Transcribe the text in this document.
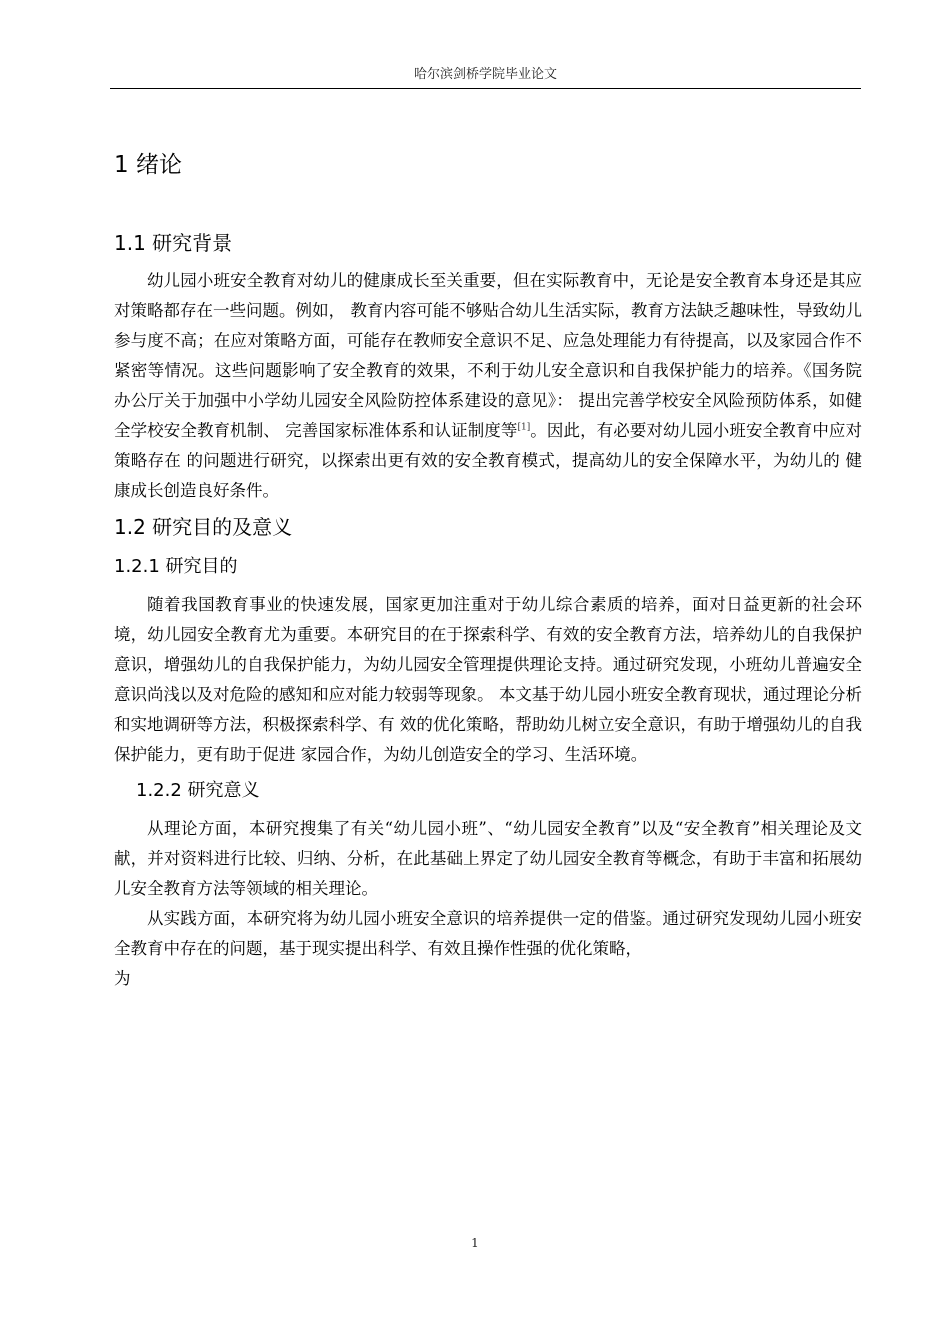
哈尔滨剑桥学院毕业论文
1 绪论
1.1 研究背景

幼儿园小班安全教育对幼儿的健康成长至关重要，但在实际教育中，无论是安全教育本身还是其应对策略都存在一些问题。例如， 教育内容可能不够贴合幼儿生活实际，教育方法缺乏趣味性，导致幼儿参与度不高；在应对策略方面，可能存在教师安全意识不足、应急处理能力有待提高，以及家园合作不紧密等情况。这些问题影响了安全教育的效果，不利于幼儿安全意识和自我保护能力的培养。《国务院办公厅关于加强中小学幼儿园安全风险防控体系建设的意见》： 提出完善学校安全风险预防体系，如健全学校安全教育机制、 完善国家标准体系和认证制度等[1]。因此，有必要对幼儿园小班安全教育中应对策略存在 的问题进行研究，以探索出更有效的安全教育模式，提高幼儿的安全保障水平，为幼儿的 健康成长创造良好条件。

1.2 研究目的及意义
1.2.1 研究目的

随着我国教育事业的快速发展，国家更加注重对于幼儿综合素质的培养，面对日益更新的社会环境，幼儿园安全教育尤为重要。本研究目的在于探索科学、有效的安全教育方法，培养幼儿的自我保护意识，增强幼儿的自我保护能力，为幼儿园安全管理提供理论支持。通过研究发现，小班幼儿普遍安全意识尚浅以及对危险的感知和应对能力较弱等现象。 本文基于幼儿园小班安全教育现状，通过理论分析和实地调研等方法，积极探索科学、有 效的优化策略，帮助幼儿树立安全意识，有助于增强幼儿的自我保护能力，更有助于促进 家园合作，为幼儿创造安全的学习、生活环境。

1.2.2 研究意义

从理论方面，本研究搜集了有关“幼儿园小班”、“幼儿园安全教育”以及“安全教育”相关理论及文献，并对资料进行比较、归纳、分析，在此基础上界定了幼儿园安全教育等概念，有助于丰富和拓展幼儿安全教育方法等领域的相关理论。

从实践方面，本研究将为幼儿园小班安全意识的培养提供一定的借鉴。通过研究发现幼儿园小班安全教育中存在的问题，基于现实提出科学、有效且操作性强的优化策略，

为

1
